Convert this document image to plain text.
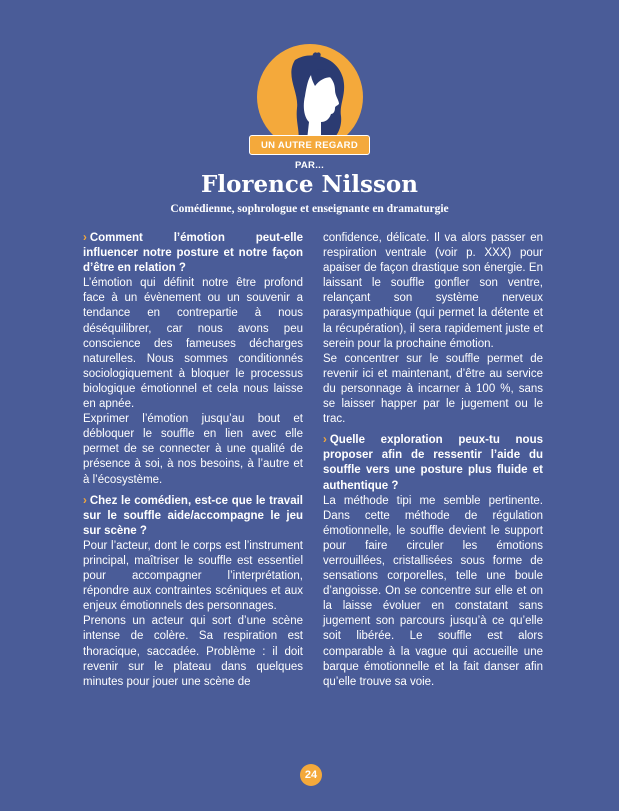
UN AUTRE REGARD PAR...
Florence Nilsson
Comédienne, sophrologue et enseignante en dramaturgie

› Comment l’émotion peut-elle influencer notre posture et notre façon d’être en relation ?

L’émotion qui définit notre être profond face à un évènement ou un souvenir a tendance en contrepartie à nous déséquilibrer, car nous avons peu conscience des fameuses décharges naturelles. Nous sommes conditionnés sociologiquement à bloquer le processus biologique émotionnel et cela nous laisse en apnée.

Exprimer l’émotion jusqu’au bout et débloquer le souffle en lien avec elle permet de se connecter à une qualité de présence à soi, à nos besoins, à l’autre et à l’écosystème.

› Chez le comédien, est-ce que le travail sur le souffle aide/accompagne le jeu sur scène ?

Pour l’acteur, dont le corps est l’instrument principal, maîtriser le souffle est essentiel pour accompagner l’interprétation, répondre aux contraintes scéniques et aux enjeux émotionnels des personnages.

Prenons un acteur qui sort d’une scène intense de colère. Sa respiration est thoracique, saccadée. Problème : il doit revenir sur le plateau dans quelques minutes pour jouer une scène de

confidence, délicate. Il va alors passer en respiration ventrale (voir p. XXX) pour apaiser de façon drastique son énergie. En laissant le souffle gonfler son ventre, relançant son système nerveux parasympathique (qui permet la détente et la récupération), il sera rapidement juste et serein pour la prochaine émotion.

Se concentrer sur le souffle permet de revenir ici et maintenant, d’être au service du personnage à incarner à 100 %, sans se laisser happer par le jugement ou le trac.

› Quelle exploration peux-tu nous proposer afin de ressentir l’aide du souffle vers une posture plus fluide et authentique ?

La méthode tipi me semble pertinente. Dans cette méthode de régulation émotionnelle, le souffle devient le support pour faire circuler les émotions verrouillées, cristallisées sous forme de sensations corporelles, telle une boule d’angoisse. On se concentre sur elle et on la laisse évoluer en constatant sans jugement son parcours jusqu’à ce qu’elle soit libérée. Le souffle est alors comparable à la vague qui accueille une barque émotionnelle et la fait danser afin qu’elle trouve sa voie.

24
